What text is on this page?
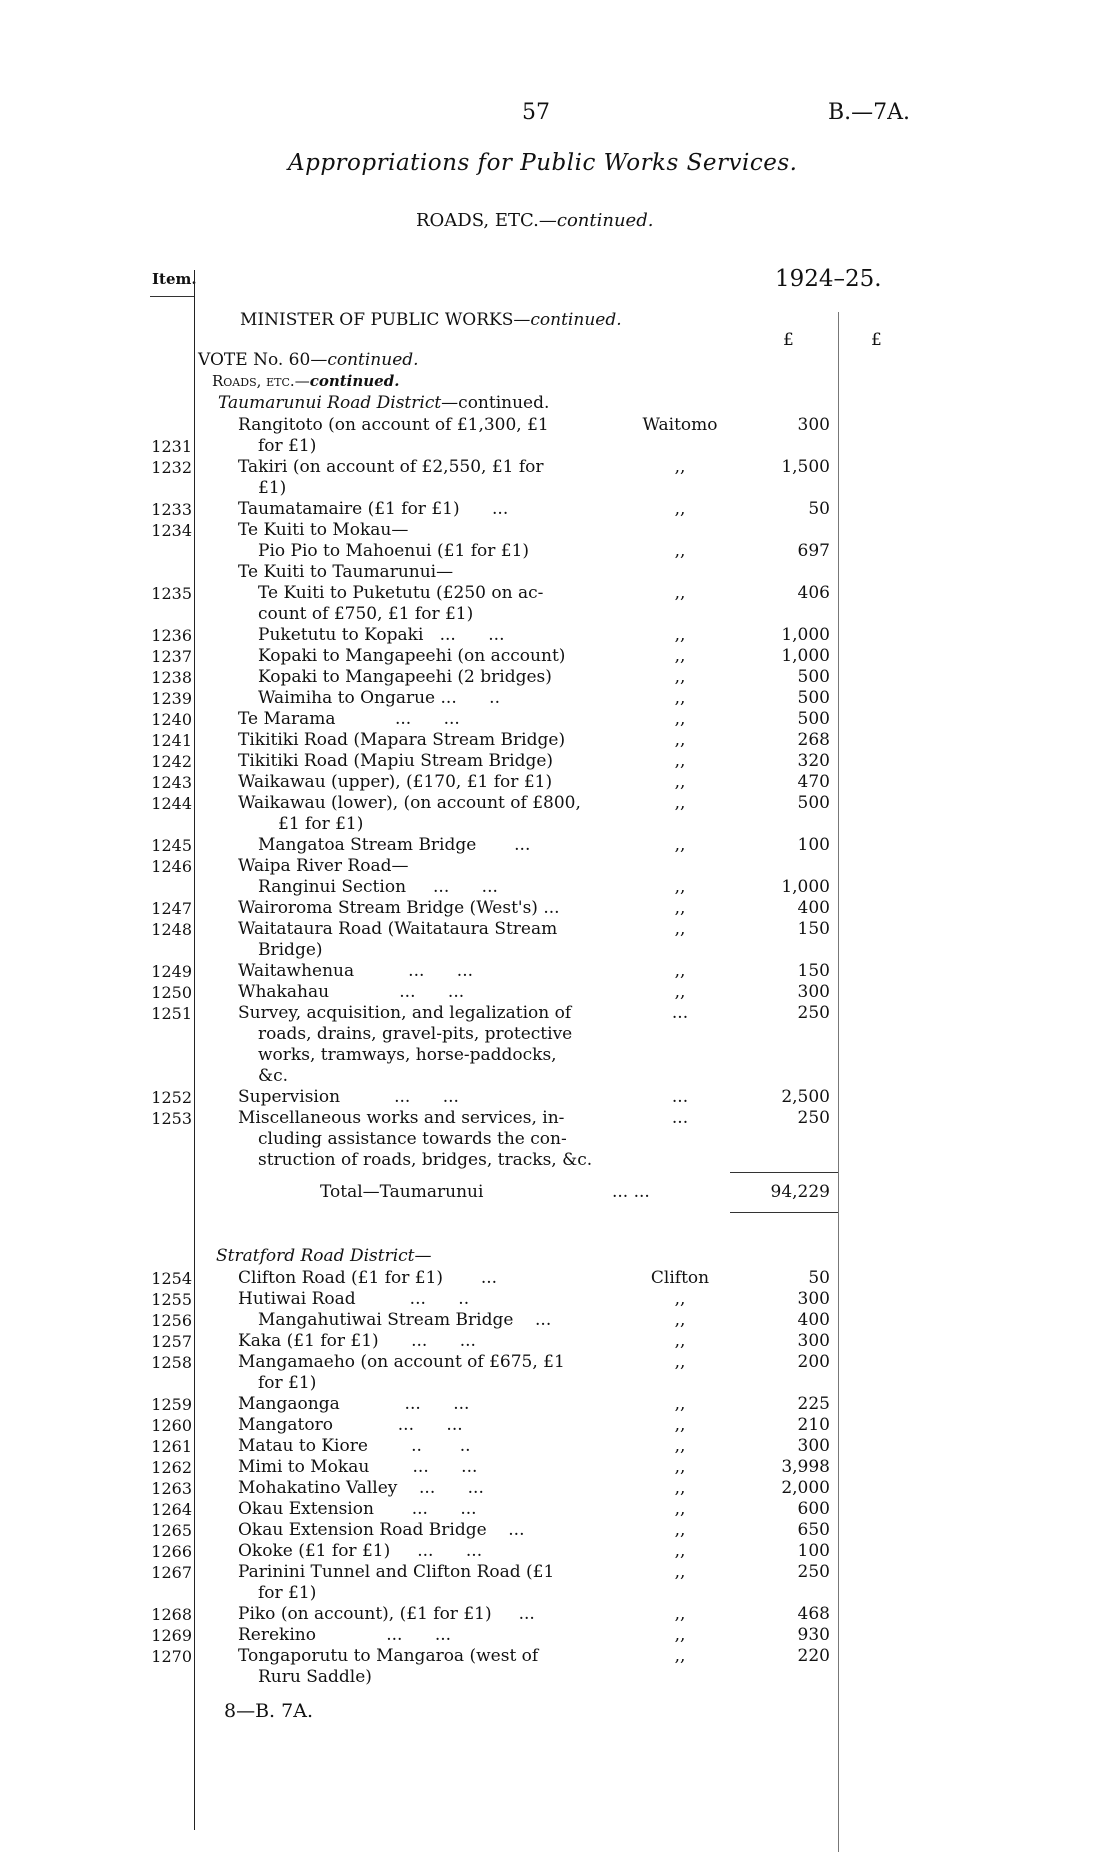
57	B.—7A.
Appropriations for Public Works Services.
ROADS, ETC.—continued.
Item.	1924–25.
£	£
MINISTER OF PUBLIC WORKS—continued.
VOTE No. 60—continued.
Roads, etc.—continued.
Taumarunui Road District—continued.
Rangitoto (on account of £1,300, £1	Waitomo	300
1231	for £1)
1232	Takiri (on account of £2,550, £1 for	,,	1,500
£1)
1233	Taumatamaire (£1 for £1)      ...	,,	50
1234	Te Kuiti to Mokau—
Pio Pio to Mahoenui (£1 for £1)	,,	697
Te Kuiti to Taumarunui—
1235	Te Kuiti to Puketutu (£250 on ac-	,,	406
count of £750, £1 for £1)
1236	Puketutu to Kopaki   ...      ...	,,	1,000
1237	Kopaki to Mangapeehi (on account)	,,	1,000
1238	Kopaki to Mangapeehi (2 bridges)	,,	500
1239	Waimiha to Ongarue ...      ..	,,	500
1240	Te Marama           ...      ...	,,	500
1241	Tikitiki Road (Mapara Stream Bridge)	,,	268
1242	Tikitiki Road (Mapiu Stream Bridge)	,,	320
1243	Waikawau (upper), (£170, £1 for £1)	,,	470
1244	Waikawau (lower), (on account of £800,	,,	500
£1 for £1)
1245	Mangatoa Stream Bridge       ...	,,	100
1246	Waipa River Road—
Ranginui Section     ...      ...	,,	1,000
1247	Wairoroma Stream Bridge (West's) ...	,,	400
1248	Waitataura Road (Waitataura Stream	,,	150
Bridge)
1249	Waitawhenua          ...      ...	,,	150
1250	Whakahau             ...      ...	,,	300
1251	Survey, acquisition, and legalization of	...	250
roads, drains, gravel-pits, protective
works, tramways, horse-paddocks,
&c.
1252	Supervision          ...      ...	...	2,500
1253	Miscellaneous works and services, in-	...	250
cluding assistance towards the con-
struction of roads, bridges, tracks, &c.
Total—Taumarunui	... ...	94,229
Stratford Road District—
1254	Clifton Road (£1 for £1)       ...	Clifton	50
1255	Hutiwai Road          ...      ..	,,	300
1256	Mangahutiwai Stream Bridge    ...	,,	400
1257	Kaka (£1 for £1)      ...      ...	,,	300
1258	Mangamaeho (on account of £675, £1	,,	200
for £1)
1259	Mangaonga            ...      ...	,,	225
1260	Mangatoro            ...      ...	,,	210
1261	Matau to Kiore        ..       ..	,,	300
1262	Mimi to Mokau        ...      ...	,,	3,998
1263	Mohakatino Valley    ...      ...	,,	2,000
1264	Okau Extension       ...      ...	,,	600
1265	Okau Extension Road Bridge    ...	,,	650
1266	Okoke (£1 for £1)     ...      ...	,,	100
1267	Parinini Tunnel and Clifton Road (£1	,,	250
for £1)
1268	Piko (on account), (£1 for £1)     ...	,,	468
1269	Rerekino             ...      ...	,,	930
1270	Tongaporutu to Mangaroa (west of	,,	220
Ruru Saddle)
8—B. 7A.
